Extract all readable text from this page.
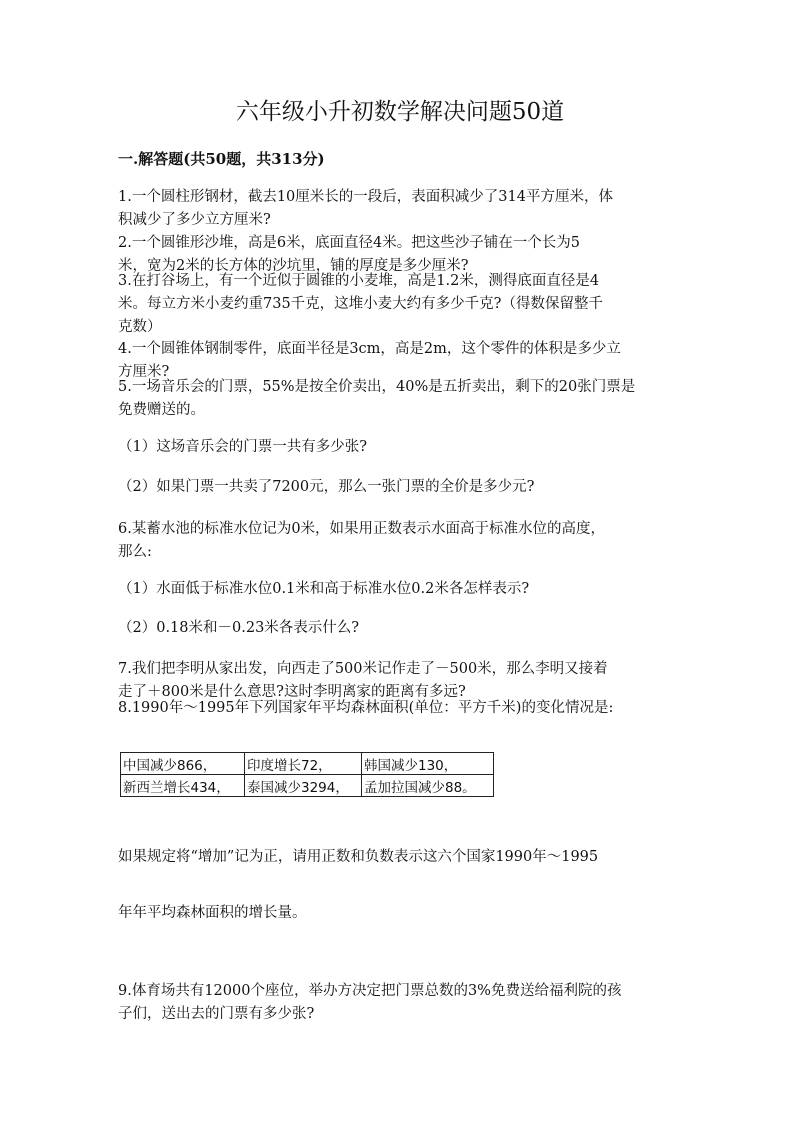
六年级小升初数学解决问题50道
一.解答题(共50题，共313分)
1.一个圆柱形钢材，截去10厘米长的一段后，表面积减少了314平方厘米，体
积减少了多少立方厘米?
2.一个圆锥形沙堆，高是6米，底面直径4米。把这些沙子铺在一个长为5
米，宽为2米的长方体的沙坑里，铺的厚度是多少厘米?
3.在打谷场上，有一个近似于圆锥的小麦堆，高是1.2米，测得底面直径是4
米。每立方米小麦约重735千克，这堆小麦大约有多少千克?（得数保留整千
克数）
4.一个圆锥体钢制零件，底面半径是3cm，高是2m，这个零件的体积是多少立
方厘米?
5.一场音乐会的门票，55%是按全价卖出，40%是五折卖出，剩下的20张门票是
免费赠送的。
（1）这场音乐会的门票一共有多少张?
（2）如果门票一共卖了7200元，那么一张门票的全价是多少元?
6.某蓄水池的标准水位记为0米，如果用正数表示水面高于标准水位的高度，
那么:
（1）水面低于标准水位0.1米和高于标准水位0.2米各怎样表示?
（2）0.18米和－0.23米各表示什么?
7.我们把李明从家出发，向西走了500米记作走了－500米，那么李明又接着
走了＋800米是什么意思?这时李明离家的距离有多远?
8.1990年～1995年下列国家年平均森林面积(单位：平方千米)的变化情况是:
中国减少866，	印度增长72，	韩国减少130，
新西兰增长434，	泰国减少3294，	孟加拉国减少88。
如果规定将“增加”记为正，请用正数和负数表示这六个国家1990年～1995
年年平均森林面积的增长量。
9.体育场共有12000个座位，举办方决定把门票总数的3%免费送给福利院的孩
子们，送出去的门票有多少张?
